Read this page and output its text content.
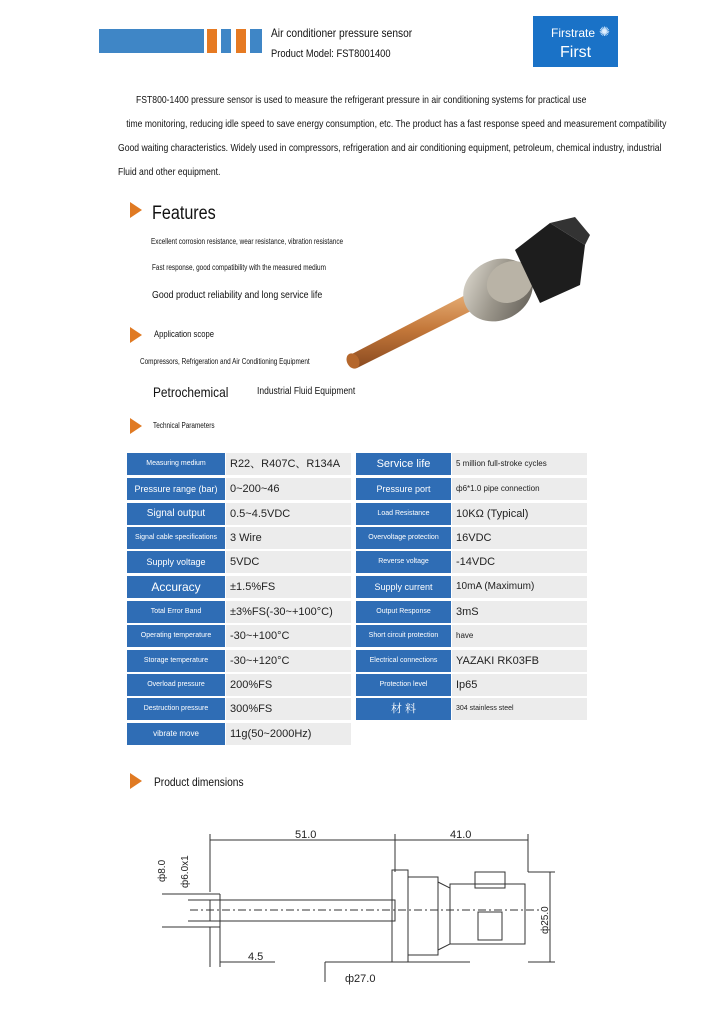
Air conditioner pressure sensor
Product Model: FST8001400
Firstrate ✺
First
FST800-1400 pressure sensor is used to measure the refrigerant pressure in air conditioning systems for practical use
time monitoring, reducing idle speed to save energy consumption, etc. The product has a fast response speed and measurement compatibility
Good waiting characteristics. Widely used in compressors, refrigeration and air conditioning equipment, petroleum, chemical industry, industrial
Fluid and other equipment.
Features
Excellent corrosion resistance, wear resistance, vibration resistance
Fast response, good compatibility with the measured medium
Good product reliability and long service life
Application scope
Compressors, Refrigeration and Air Conditioning Equipment
Petrochemical	Industrial Fluid Equipment
Technical Parameters
Measuring medium	R22、R407C、R134A	Service life	5 million full-stroke cycles
Pressure range (bar)	0~200~46	Pressure port	ф6*1.0 pipe connection
Signal output	0.5~4.5VDC	Load Resistance	10KΩ (Typical)
Signal cable specifications	3 Wire	Overvoltage protection	16VDC
Supply voltage	5VDC	Reverse voltage	-14VDC
Accuracy	±1.5%FS	Supply current	10mA (Maximum)
Total Error Band	±3%FS(-30~+100°C)	Output Response	3mS
Operating temperature	-30~+100°C	Short circuit protection	have
Storage temperature	-30~+120°C	Electrical connections	YAZAKI RK03FB
Overload pressure	200%FS	Protection level	Ip65
Destruction pressure	300%FS	材 料	304 stainless steel
vibrate move	11g(50~2000Hz)
Product dimensions
51.0	41.0
ф8.0 ф6.0x1
4.5
ф27.0
ф25.0
